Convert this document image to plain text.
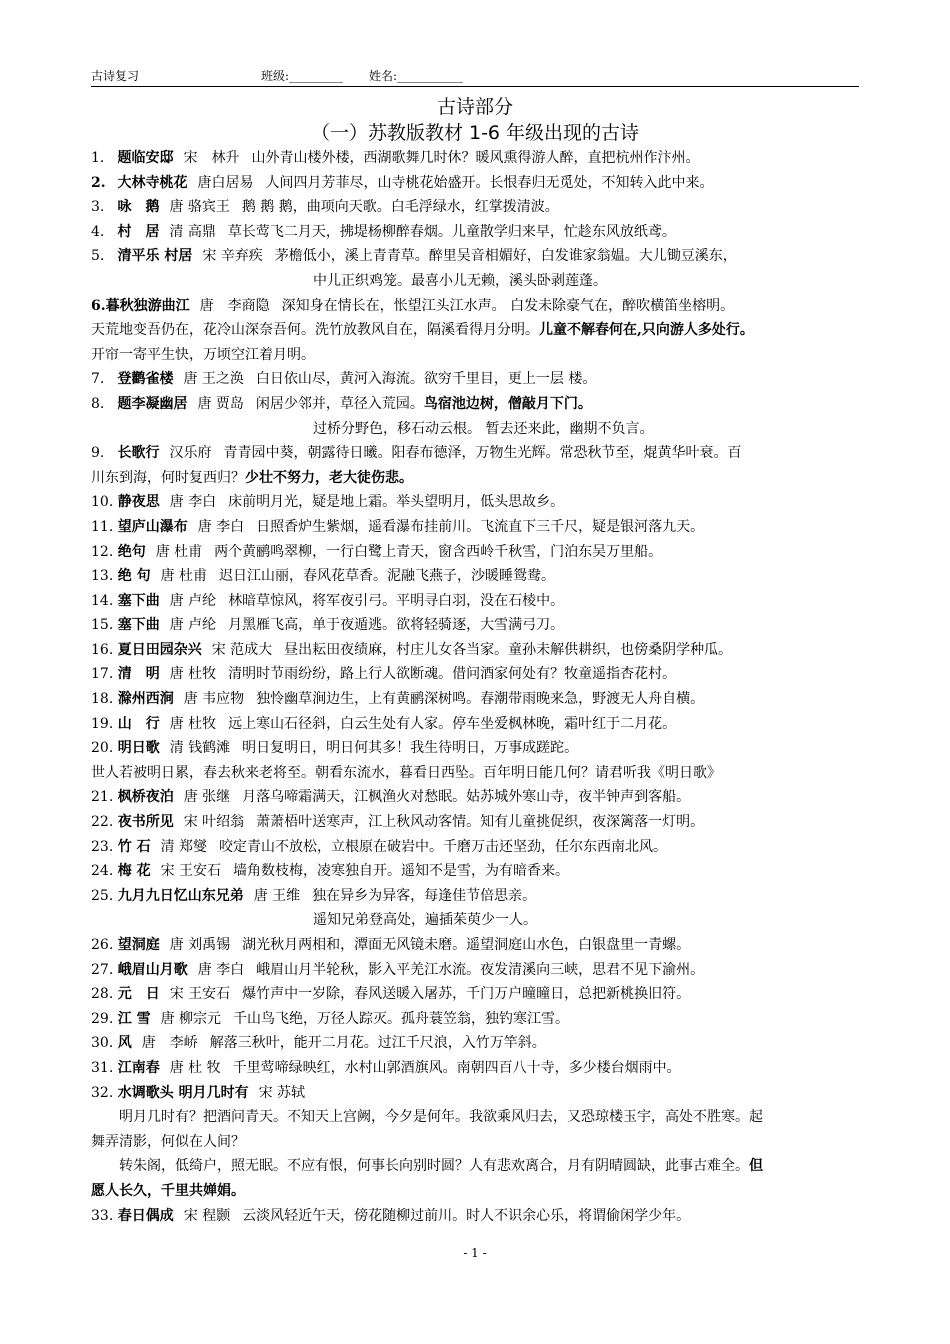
古诗复习	班级:_________ 姓名:___________
古诗部分
（一）苏教版教材 1-6 年级出现的古诗
1. 题临安邸 宋　林升 山外青山楼外楼，西湖歌舞几时休？暖风熏得游人醉，直把杭州作汴州。
2. 大林寺桃花 唐白居易 人间四月芳菲尽，山寺桃花始盛开。长恨春归无觅处，不知转入此中来。
3. 咏　鹅 唐 骆宾王 鹅 鹅 鹅，曲项向天歌。白毛浮绿水，红掌拨清波。
4. 村　居 清 高鼎 草长莺飞二月天，拂堤杨柳醉春烟。儿童散学归来早，忙趁东风放纸鸢。
5. 清平乐 村居 宋 辛弃疾 茅檐低小，溪上青青草。醉里吴音相媚好，白发谁家翁媪。大儿锄豆溪东，
中儿正织鸡笼。最喜小儿无赖，溪头卧剥莲蓬。
6.暮秋独游曲江 唐　李商隐 深知身在情长在，怅望江头江水声。 白发未除豪气在，醉吹横笛坐榕明。
天荒地变吾仍在，花冷山深奈吾何。洗竹放教风自在，隔溪看得月分明。儿童不解春何在,只向游人多处行。
开帘一寄平生快，万顷空江着月明。
7. 登鹳雀楼 唐 王之涣 白日依山尽，黄河入海流。欲穷千里目，更上一层 楼。
8. 题李凝幽居 唐 贾岛 闲居少邻并，草径入荒园。鸟宿池边树，僧敲月下门。
过桥分野色，移石动云根。 暂去还来此，幽期不负言。
9. 长歌行 汉乐府 青青园中葵，朝露待日曦。阳春布德泽，万物生光辉。常恐秋节至，焜黄华叶衰。百
川东到海，何时复西归？少壮不努力，老大徒伤悲。
10. 静夜思 唐 李白 床前明月光，疑是地上霜。举头望明月，低头思故乡。
11. 望庐山瀑布 唐 李白 日照香炉生紫烟，遥看瀑布挂前川。飞流直下三千尺，疑是银河落九天。
12. 绝句 唐 杜甫 两个黄鹂鸣翠柳，一行白鹭上青天，窗含西岭千秋雪，门泊东吴万里船。
13. 绝 句 唐 杜甫 迟日江山丽，春风花草香。泥融飞燕子，沙暖睡鸳鸯。
14. 塞下曲 唐 卢纶 林暗草惊风，将军夜引弓。平明寻白羽，没在石棱中。
15. 塞下曲 唐 卢纶 月黑雁飞高，单于夜遁逃。欲将轻骑逐，大雪满弓刀。
16. 夏日田园杂兴 宋 范成大 昼出耘田夜绩麻，村庄儿女各当家。童孙未解供耕织，也傍桑阴学种瓜。
17. 清　明 唐 杜牧 清明时节雨纷纷，路上行人欲断魂。借问酒家何处有？牧童遥指杏花村。
18. 滁州西涧 唐 韦应物 独怜幽草涧边生，上有黄鹂深树鸣。春潮带雨晚来急，野渡无人舟自横。
19. 山　行 唐 杜牧 远上寒山石径斜，白云生处有人家。停车坐爱枫林晚，霜叶红于二月花。
20. 明日歌 清 钱鹤滩 明日复明日，明日何其多！我生待明日，万事成蹉跎。
世人若被明日累，春去秋来老将至。朝看东流水，暮看日西坠。百年明日能几何？请君听我《明日歌》
21. 枫桥夜泊 唐 张继 月落乌啼霜满天，江枫渔火对愁眠。姑苏城外寒山寺，夜半钟声到客船。
22. 夜书所见 宋 叶绍翁 萧萧梧叶送寒声，江上秋风动客情。知有儿童挑促织，夜深篱落一灯明。
23. 竹 石 清 郑燮 咬定青山不放松，立根原在破岩中。千磨万击还坚劲，任尔东西南北风。
24. 梅 花 宋 王安石 墙角数枝梅，凌寒独自开。遥知不是雪，为有暗香来。
25. 九月九日忆山东兄弟 唐 王维 独在异乡为异客，每逢佳节倍思亲。
遥知兄弟登高处，遍插茱萸少一人。
26. 望洞庭 唐 刘禹锡 湖光秋月两相和，潭面无风镜未磨。遥望洞庭山水色，白银盘里一青螺。
27. 峨眉山月歌 唐 李白 峨眉山月半轮秋，影入平羌江水流。夜发清溪向三峡，思君不见下渝州。
28. 元　日 宋 王安石 爆竹声中一岁除，春风送暖入屠苏，千门万户曈曈日，总把新桃换旧符。
29. 江 雪 唐 柳宗元 千山鸟飞绝，万径人踪灭。孤舟蓑笠翁，独钓寒江雪。
30. 风 唐　李峤 解落三秋叶，能开二月花。过江千尺浪，入竹万竿斜。
31. 江南春 唐 杜 牧 千里莺啼绿映红，水村山郭酒旗风。南朝四百八十寺，多少楼台烟雨中。
32. 水调歌头 明月几时有 宋 苏轼
明月几时有？把酒问青天。不知天上宫阙，今夕是何年。我欲乘风归去，又恐琼楼玉宇，高处不胜寒。起
舞弄清影，何似在人间？
转朱阁，低绮户，照无眠。不应有恨，何事长向别时圆？人有悲欢离合，月有阴晴圆缺，此事古难全。但
愿人长久，千里共婵娟。
33. 春日偶成 宋 程颢 云淡风轻近午天，傍花随柳过前川。时人不识余心乐，将谓偷闲学少年。
- 1 -
